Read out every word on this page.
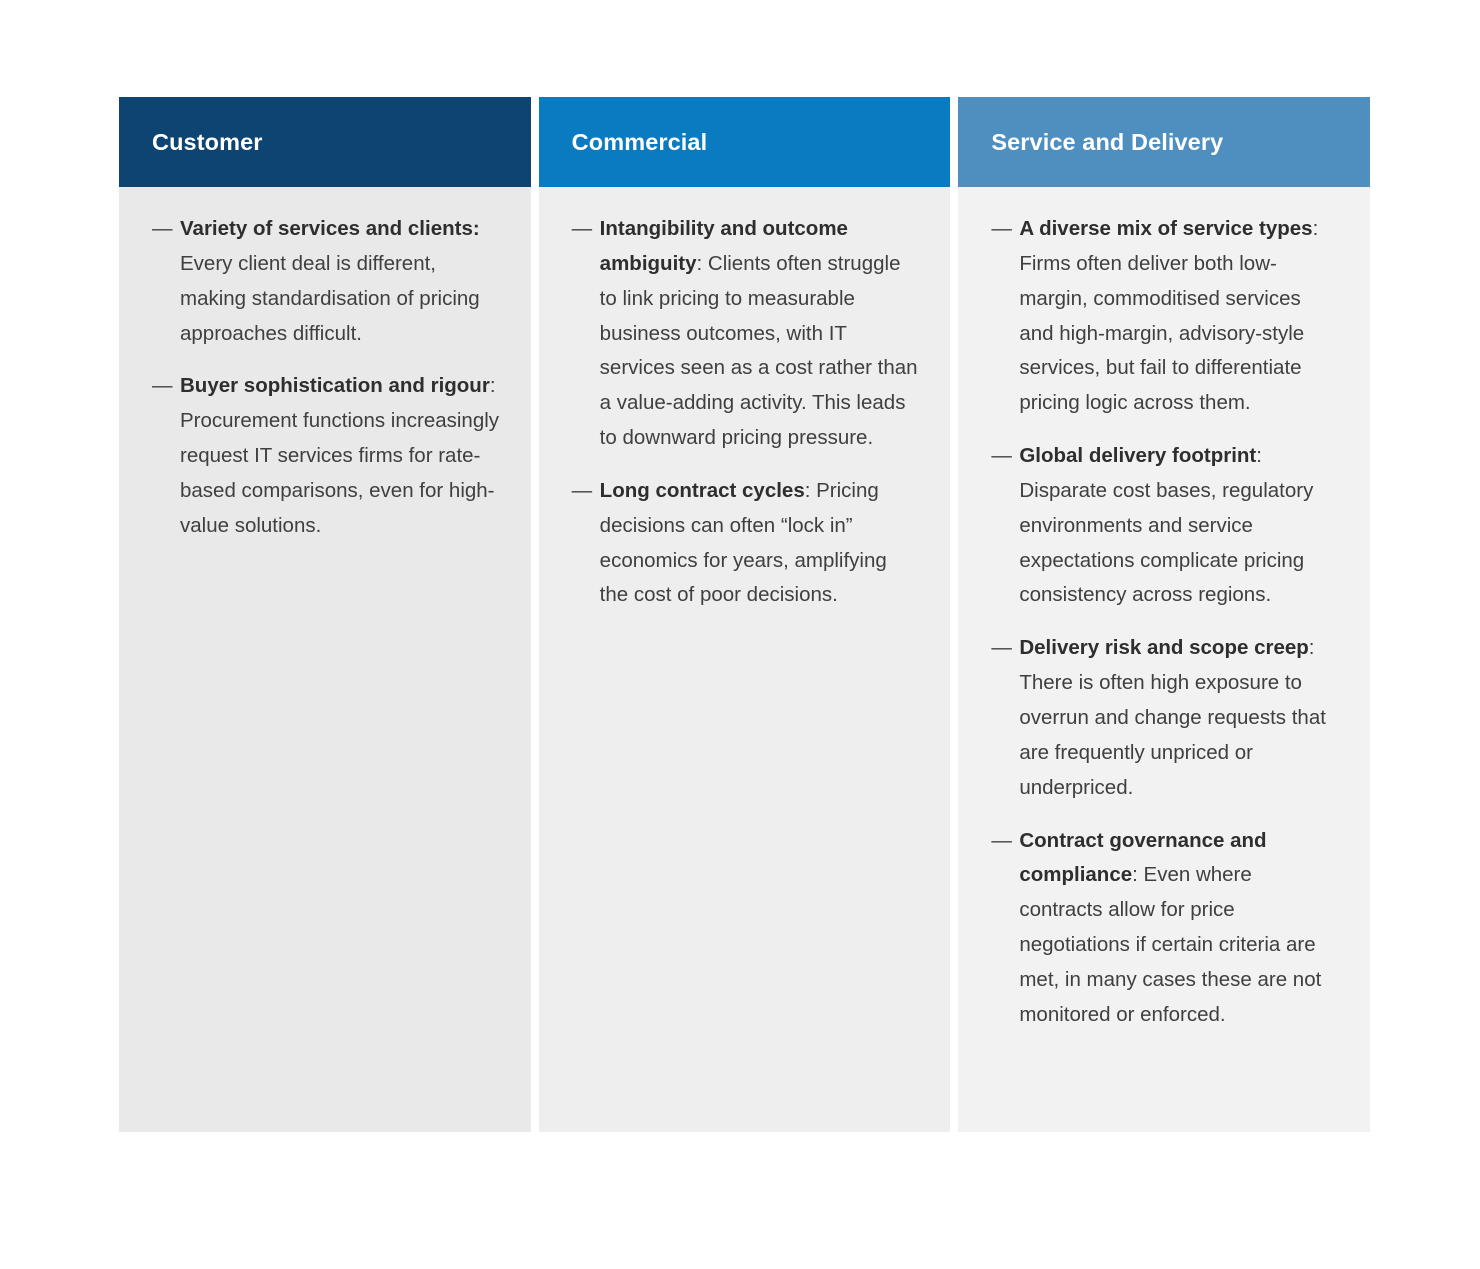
Customer
— Variety of services and clients: Every client deal is different, making standardisation of pricing approaches difficult.
— Buyer sophistication and rigour: Procurement functions increasingly request IT services firms for rate-based comparisons, even for high-value solutions.
Commercial
— Intangibility and outcome ambiguity: Clients often struggle to link pricing to measurable business outcomes, with IT services seen as a cost rather than a value-adding activity. This leads to downward pricing pressure.
— Long contract cycles: Pricing decisions can often “lock in” economics for years, amplifying the cost of poor decisions.
Service and Delivery
— A diverse mix of service types: Firms often deliver both low-margin, commoditised services and high-margin, advisory-style services, but fail to differentiate pricing logic across them.
— Global delivery footprint: Disparate cost bases, regulatory environments and service expectations complicate pricing consistency across regions.
— Delivery risk and scope creep: There is often high exposure to overrun and change requests that are frequently unpriced or underpriced.
— Contract governance and compliance: Even where contracts allow for price negotiations if certain criteria are met, in many cases these are not monitored or enforced.
